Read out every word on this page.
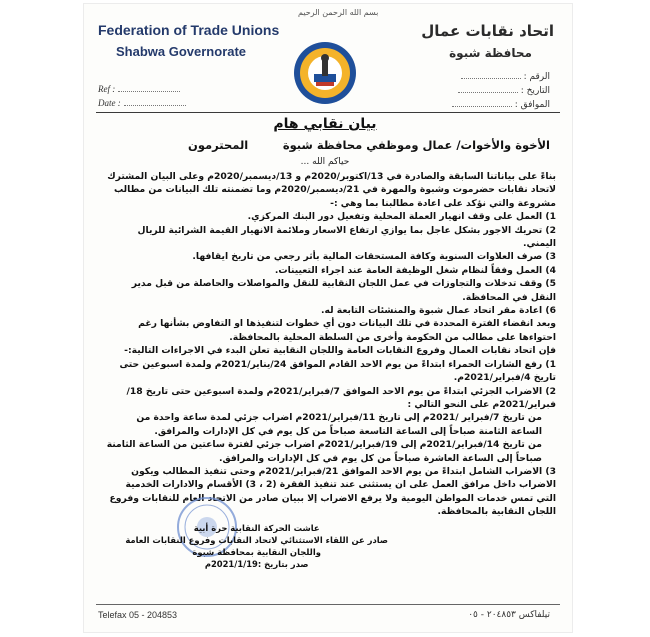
بسم الله الرحمن الرحيم
Federation of Trade Unions
Shabwa Governorate
اتحاد نقابات عمال
محافظة شبوة
Ref :
Date :
الرقم :
التاريخ :
الموافق :
بيان نقابي هام
الأخوة والأخوات/ عمال وموظفي محافظة شبوة
المحترمون
حياكم الله ...

بناءً على بياناتنا السابقة والصادرة في 13/اكتوبر/2020م و 13/ديسمبر/2020م وعلى البيان المشترك لاتحاد نقابات حضرموت وشبوة والمهرة في 21/ديسمبر/2020م وما تضمنته تلك البيانات من مطالب مشروعة والتي نؤكد على اعادة مطالبنا بما وهي :-

1) العمل على وقف انهيار العملة المحلية وتفعيل دور البنك المركزي.

2) تحريك الاجور بشكل عاجل بما يوازي ارتفاع الاسعار وملائمة الانهيار القيمة الشرائية للريال اليمني.

3) صرف العلاوات السنوية وكافة المستحقات المالية بأثر رجعي من تاريخ ايقافها.

4) العمل وفقاً لنظام شغل الوظيفة العامة عند اجراء التعيينات.

5) وقف تدخلات والتجاوزات في عمل اللجان النقابية للنقل والمواصلات والحاصلة من قبل مدير النقل في المحافظة.

6) اعادة مقر اتحاد عمال شبوة والمنشئات التابعة له.

وبعد انقضاء الفترة المحددة في تلك البيانات دون أي خطوات لتنفيذها او التفاوض بشأنها رغم احتواءها على مطالب من الحكومة وأخرى من السلطة المحلية بالمحافظة.

فإن اتحاد نقابات العمال وفروع النقابات العامة واللجان النقابية تعلن البدء في الاجراءات التالية:-

1) رفع الشارات الحمراء ابتداءً من يوم الاحد القادم الموافق 24/يناير/2021م ولمدة اسبوعين حتى تاريخ 4/فبراير/2021م.

2) الاضراب الجزئي ابتداءً من يوم الاحد الموافق 7/فبراير/2021م ولمدة اسبوعين حتى تاريخ 18/فبراير/2021م على النحو التالي :

من تاريخ 7/فبراير /2021م إلى تاريخ 11/فبراير/2021م اضراب جزئي لمدة ساعة واحدة من الساعة الثامنة صباحاً إلى الساعة التاسعة صباحاً من كل يوم في كل الإدارات والمرافق.

من تاريخ 14/فبراير/2021م إلى 19/فبراير/2021م اضراب جزئي لفترة ساعتين من الساعة الثامنة صباحاً إلى الساعة العاشرة صباحاً من كل يوم في كل الإدارات والمرافق.

3) الاضراب الشامل ابتداءً من يوم الاحد الموافق 21/فبراير/2021م وحتى تنفيذ المطالب ويكون الاضراب داخل مرافق العمل على ان يستثنى عند تنفيذ الفقرة (2 ، 3) الأقسام والادارات الخدمية التي تمس خدمات المواطن اليومية ولا يرفع الاضراب إلا ببيان صادر من الاتحاد العام للنقابات وفروع اللجان النقابية بالمحافظة.

عاشت الحركة النقابية حرة أبية
صادر عن اللقاء الاستثنائي لاتحاد النقابات وفروع النقابات العامة
واللجان النقابية بمحافظة شبوة
صدر بتاريخ :2021/1/19م
Telefax 05 - 204853	تيلفاكس ٢٠٤٨٥٣ - ٠٥
